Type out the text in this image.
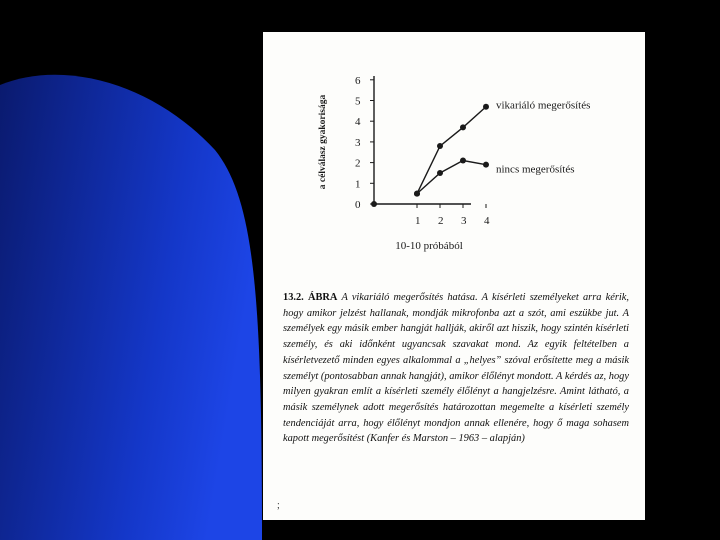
a célválasz gyakorisága
10-10 próbából
0
1
2
3
4
5
6
1 2 3 4
vikariáló megerősítés
nincs megerősítés
13.2. ÁBRA A vikariáló megerősítés hatása. A kísérleti személyeket arra kérik, hogy amikor jelzést hallanak, mondják mikrofonba azt a szót, ami eszükbe jut. A személyek egy másik ember hangját hallják, akiről azt hiszik, hogy szintén kísérleti személy, és aki időnként ugyancsak szavakat mond. Az egyik feltételben a kísérletvezető minden egyes alkalommal a „helyes” szóval erősítette meg a másik személyt (pontosabban annak hangját), amikor élőlényt mondott. A kérdés az, hogy milyen gyakran említ a kísérleti személy élőlényt a hangjelzésre. Amint látható, a másik személynek adott megerősítés határozottan megemelte a kísérleti személy tendenciáját arra, hogy élőlényt mondjon annak ellenére, hogy ő maga sohasem kapott megerősítést (Kanfer és Marston – 1963 – alapján)
;
